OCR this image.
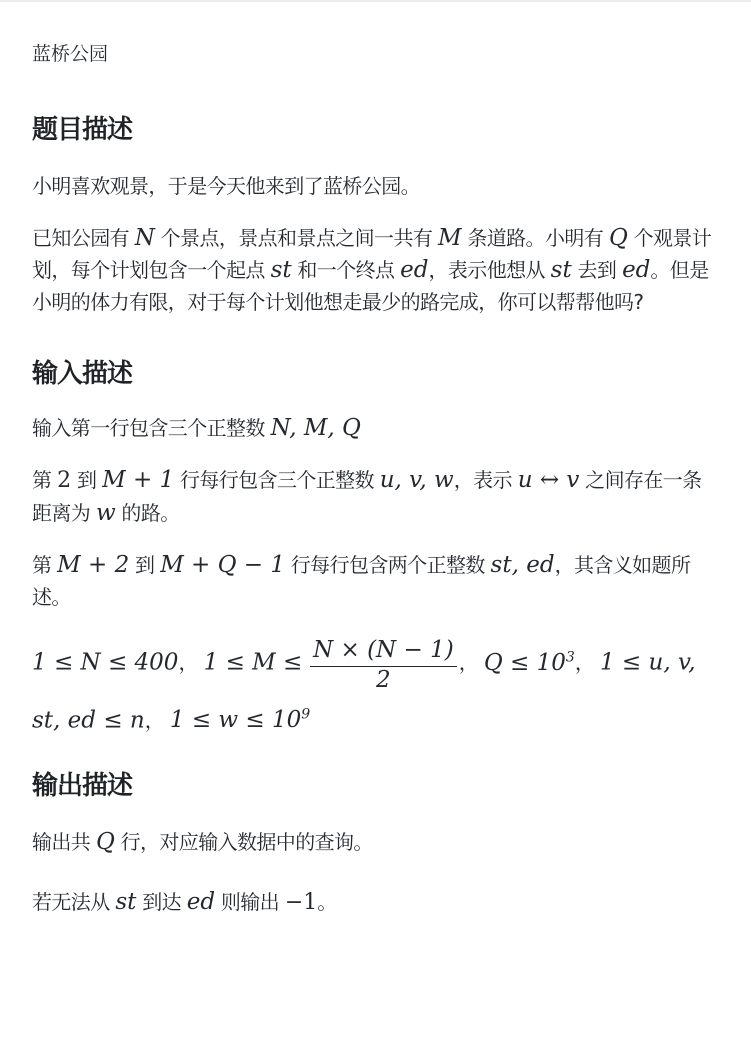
蓝桥公园
题目描述

小明喜欢观景，于是今天他来到了蓝桥公园。

已知公园有 N 个景点，景点和景点之间一共有 M 条道路。小明有 Q 个观景计划，每个计划包含一个起点 st 和一个终点 ed，表示他想从 st 去到 ed。但是小明的体力有限，对于每个计划他想走最少的路完成，你可以帮帮他吗?

输入描述

输入第一行包含三个正整数 N, M, Q

第 2 到 M + 1 行每行包含三个正整数 u, v, w，表示 u ↔ v 之间存在一条距离为 w 的路。

第 M + 2 到 M + Q − 1 行每行包含两个正整数 st, ed，其含义如题所述。

1 ≤ N ≤ 400， $1 \le M \le \frac{N \times (N - 1)}{2}$ ， $Q \le 10^3$， 1 ≤ u, v, st, ed ≤ n， $1 \le w \le 10^9$

输出描述

输出共 Q 行，对应输入数据中的查询。

若无法从 st 到达 ed 则输出 −1。
